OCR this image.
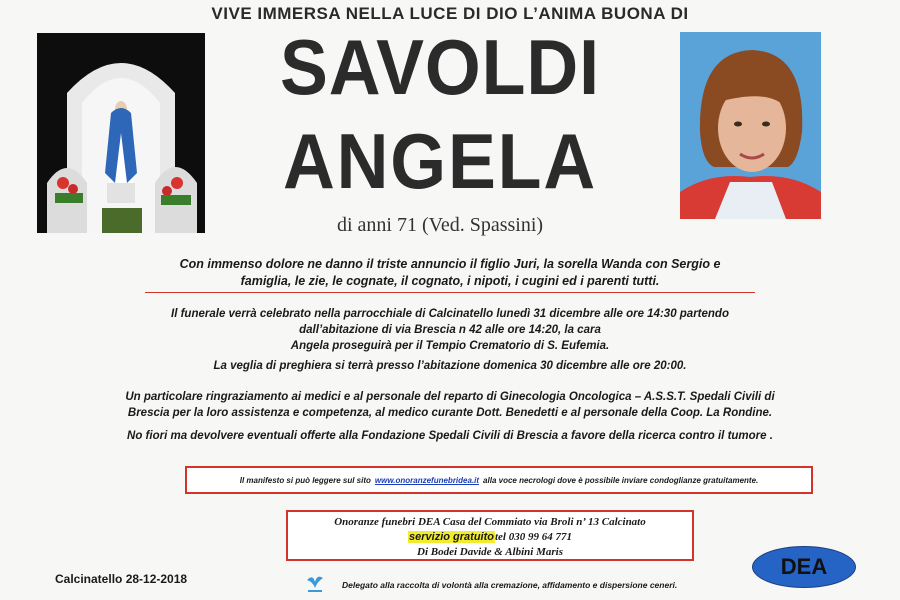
VIVE IMMERSA NELLA LUCE DI DIO L’ANIMA BUONA DI
SAVOLDI
ANGELA
di anni 71 (Ved. Spassini)
Con immenso dolore ne danno il triste annuncio il figlio Juri, la sorella Wanda con Sergio e
famiglia, le zie, le cognate, il cognato, i nipoti, i cugini ed i parenti tutti.
Il funerale verrà celebrato nella parrocchiale di Calcinatello lunedì 31 dicembre alle ore 14:30 partendo
dall’abitazione di via Brescia n 42 alle ore 14:20, la cara
Angela proseguirà per il Tempio Crematorio di S. Eufemia.
La veglia di preghiera si terrà presso l’abitazione domenica 30 dicembre alle ore 20:00.
Un particolare ringraziamento ai medici e al personale del reparto di Ginecologia Oncologica – A.S.S.T. Spedali Civili di
Brescia per la loro assistenza e competenza, al medico curante Dott. Benedetti e al personale della Coop. La Rondine.
No fiori ma devolvere eventuali offerte alla Fondazione Spedali Civili di Brescia a favore della ricerca contro il tumore .
Il manifesto si può leggere sul sito www.onoranzefunebridea.it alla voce necrologi dove è possibile inviare condoglianze gratuitamente.
Onoranze funebri DEA Casa del Commiato via Broli n’ 13 Calcinato
servizio gratuitotel 030 99 64 771
Di Bodei Davide & Albini Maris
DEA
Calcinatello 28-12-2018	Delegato alla raccolta di volontà alla cremazione, affidamento e dispersione ceneri.
